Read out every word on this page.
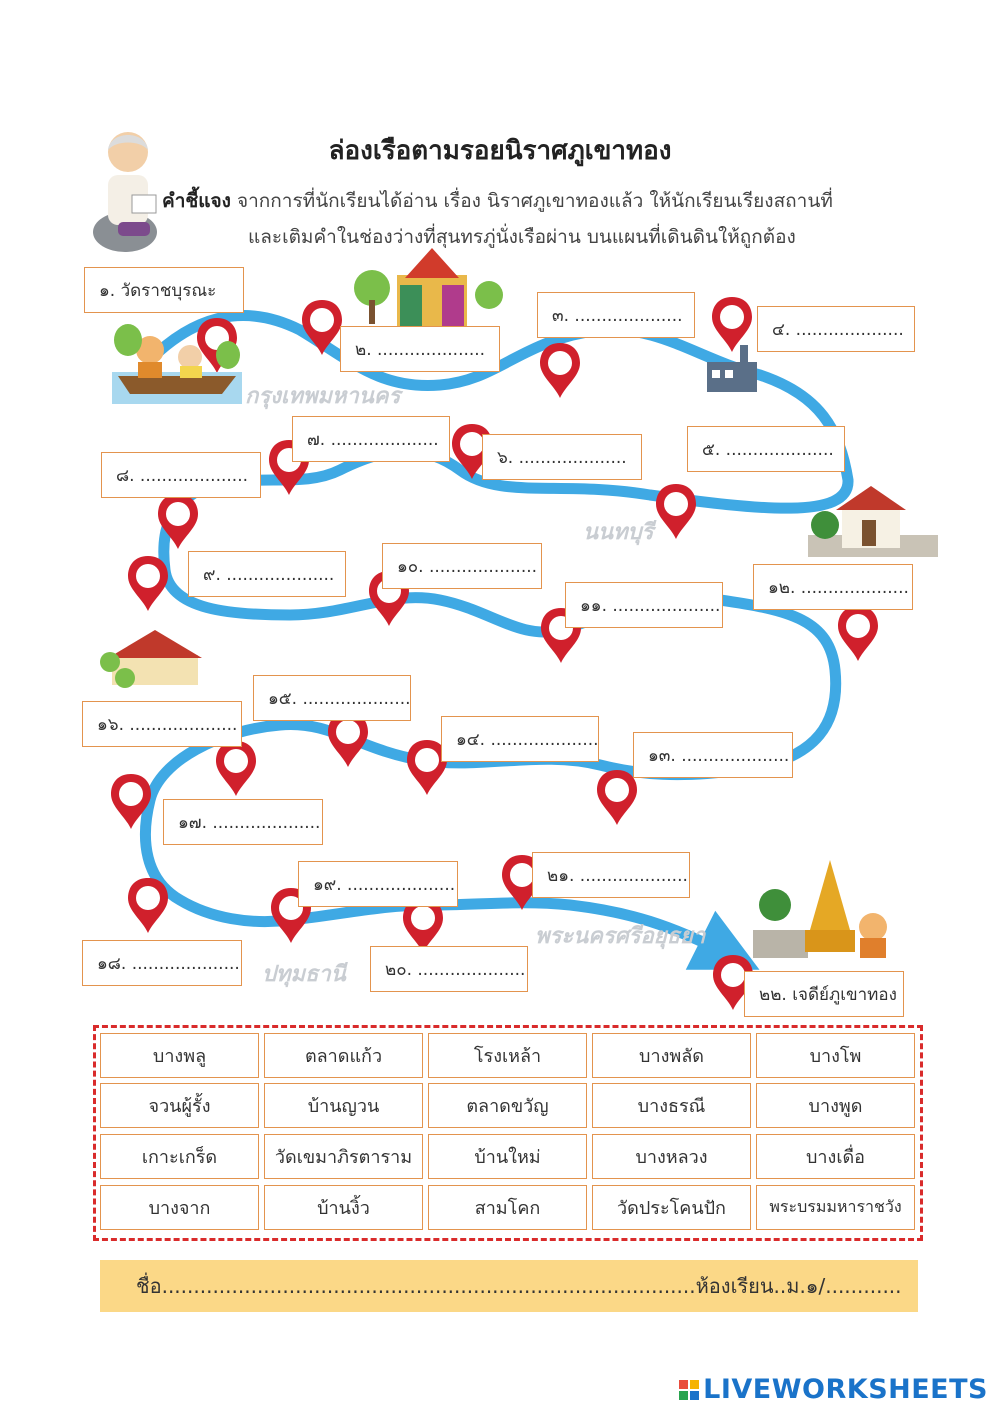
ล่องเรือตามรอยนิราศภูเขาทอง
คำชี้แจง จากการที่นักเรียนได้อ่าน เรื่อง นิราศภูเขาทองแล้ว ให้นักเรียนเรียงสถานที่
และเติมคำในช่องว่างที่สุนทรภู่นั่งเรือผ่าน บนแผนที่เดินดินให้ถูกต้อง
กรุงเทพมหานคร
นนทบุรี
ปทุมธานี
พระนครศรีอยุธยา
๑. วัดราชบุรณะ
๒. ....................
๓. ....................
๔. ....................
๕. ....................
๖. ....................
๗. ....................
๘. ....................
๙. ....................	๑๐. ....................
๑๑. ....................
๑๒. ....................
๑๓. ....................
๑๔. ....................
๑๕. ....................
๑๖. ....................
๑๗. ....................
๑๘. ....................
๑๙. ....................
๒๐. ....................
๒๑. ....................
๒๒. เจดีย์ภูเขาทอง
บางพลู	ตลาดแก้ว	โรงเหล้า	บางพลัด	บางโพ
จวนผู้รั้ง	บ้านญวน	ตลาดขวัญ	บางธรณี	บางพูด
เกาะเกร็ด	วัดเขมาภิรตาราม	บ้านใหม่	บางหลวง	บางเดื่อ
บางจาก	บ้านงิ้ว	สามโคก	วัดประโคนปัก	พระบรมมหาราชวัง
ชื่อ....................................................................................ห้องเรียน..ม.๑/............
LIVEWORKSHEETS
